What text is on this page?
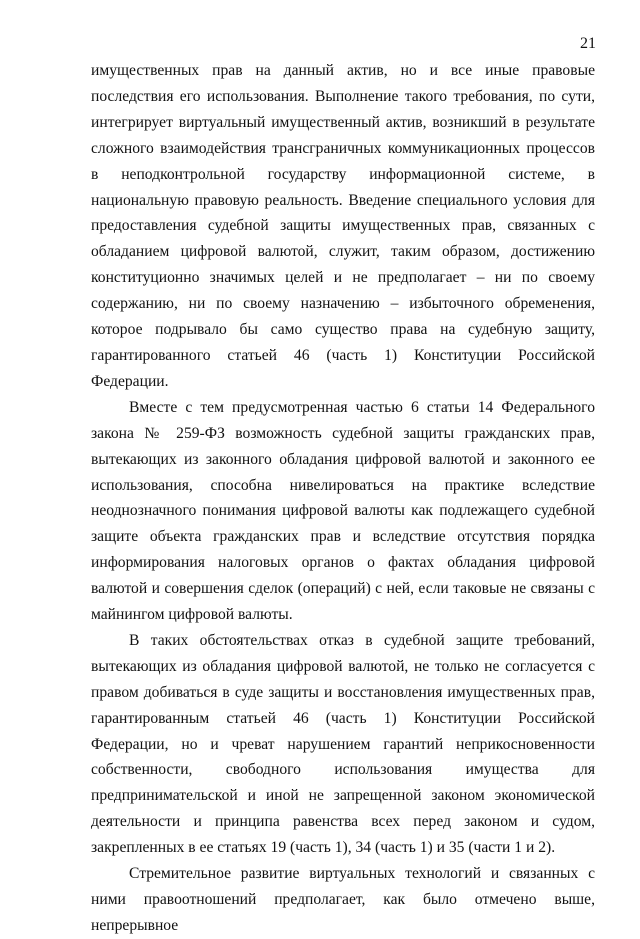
21

имущественных прав на данный актив, но и все иные правовые последствия его использования. Выполнение такого требования, по сути, интегрирует виртуальный имущественный актив, возникший в результате сложного взаимодействия трансграничных коммуникационных процессов в неподконтрольной государству информационной системе, в национальную правовую реальность. Введение специального условия для предоставления судебной защиты имущественных прав, связанных с обладанием цифровой валютой, служит, таким образом, достижению конституционно значимых целей и не предполагает – ни по своему содержанию, ни по своему назначению – избыточного обременения, которое подрывало бы само существо права на судебную защиту, гарантированного статьей 46 (часть 1) Конституции Российской Федерации.

Вместе с тем предусмотренная частью 6 статьи 14 Федерального закона № 259-ФЗ возможность судебной защиты гражданских прав, вытекающих из законного обладания цифровой валютой и законного ее использования, способна нивелироваться на практике вследствие неоднозначного понимания цифровой валюты как подлежащего судебной защите объекта гражданских прав и вследствие отсутствия порядка информирования налоговых органов о фактах обладания цифровой валютой и совершения сделок (операций) с ней, если таковые не связаны с майнингом цифровой валюты.

В таких обстоятельствах отказ в судебной защите требований, вытекающих из обладания цифровой валютой, не только не согласуется с правом добиваться в суде защиты и восстановления имущественных прав, гарантированным статьей 46 (часть 1) Конституции Российской Федерации, но и чреват нарушением гарантий неприкосновенности собственности, свободного использования имущества для предпринимательской и иной не запрещенной законом экономической деятельности и принципа равенства всех перед законом и судом, закрепленных в ее статьях 19 (часть 1), 34 (часть 1) и 35 (части 1 и 2).

Стремительное развитие виртуальных технологий и связанных с ними правоотношений предполагает, как было отмечено выше, непрерывное
